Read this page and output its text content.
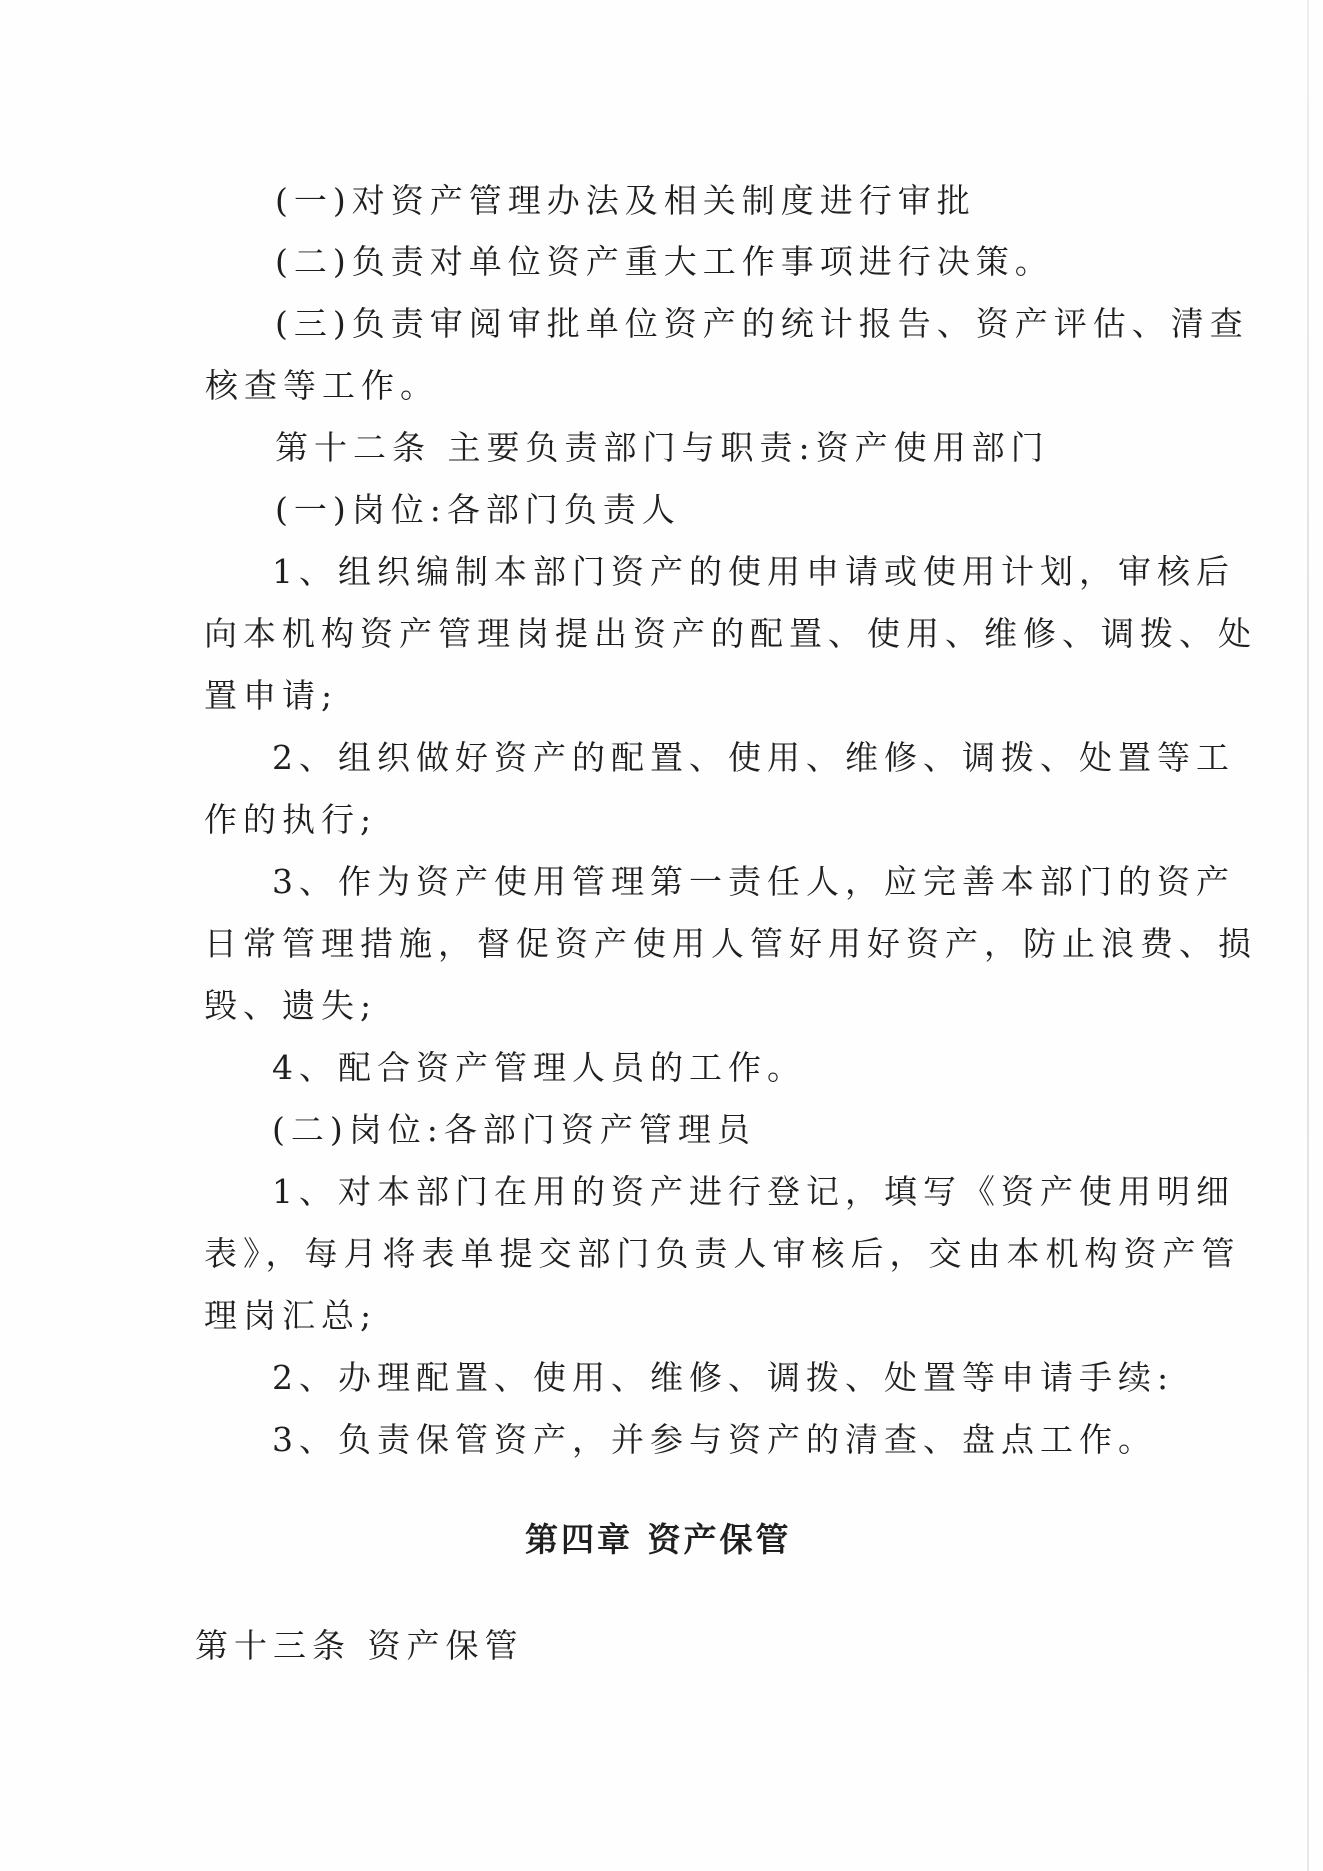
(一)对资产管理办法及相关制度进行审批
(二)负责对单位资产重大工作事项进行决策。
(三)负责审阅审批单位资产的统计报告、资产评估、清查
核查等工作。
第十二条 主要负责部门与职责:资产使用部门
(一)岗位:各部门负责人
1、组织编制本部门资产的使用申请或使用计划，审核后
向本机构资产管理岗提出资产的配置、使用、维修、调拨、处
置申请;
2、组织做好资产的配置、使用、维修、调拨、处置等工
作的执行;
3、作为资产使用管理第一责任人，应完善本部门的资产
日常管理措施，督促资产使用人管好用好资产，防止浪费、损
毁、遗失;
4、配合资产管理人员的工作。
(二)岗位:各部门资产管理员
1、对本部门在用的资产进行登记，填写《资产使用明细
表》，每月将表单提交部门负责人审核后，交由本机构资产管
理岗汇总;
2、办理配置、使用、维修、调拨、处置等申请手续:
3、负责保管资产，并参与资产的清查、盘点工作。
第四章 资产保管
第十三条 资产保管
